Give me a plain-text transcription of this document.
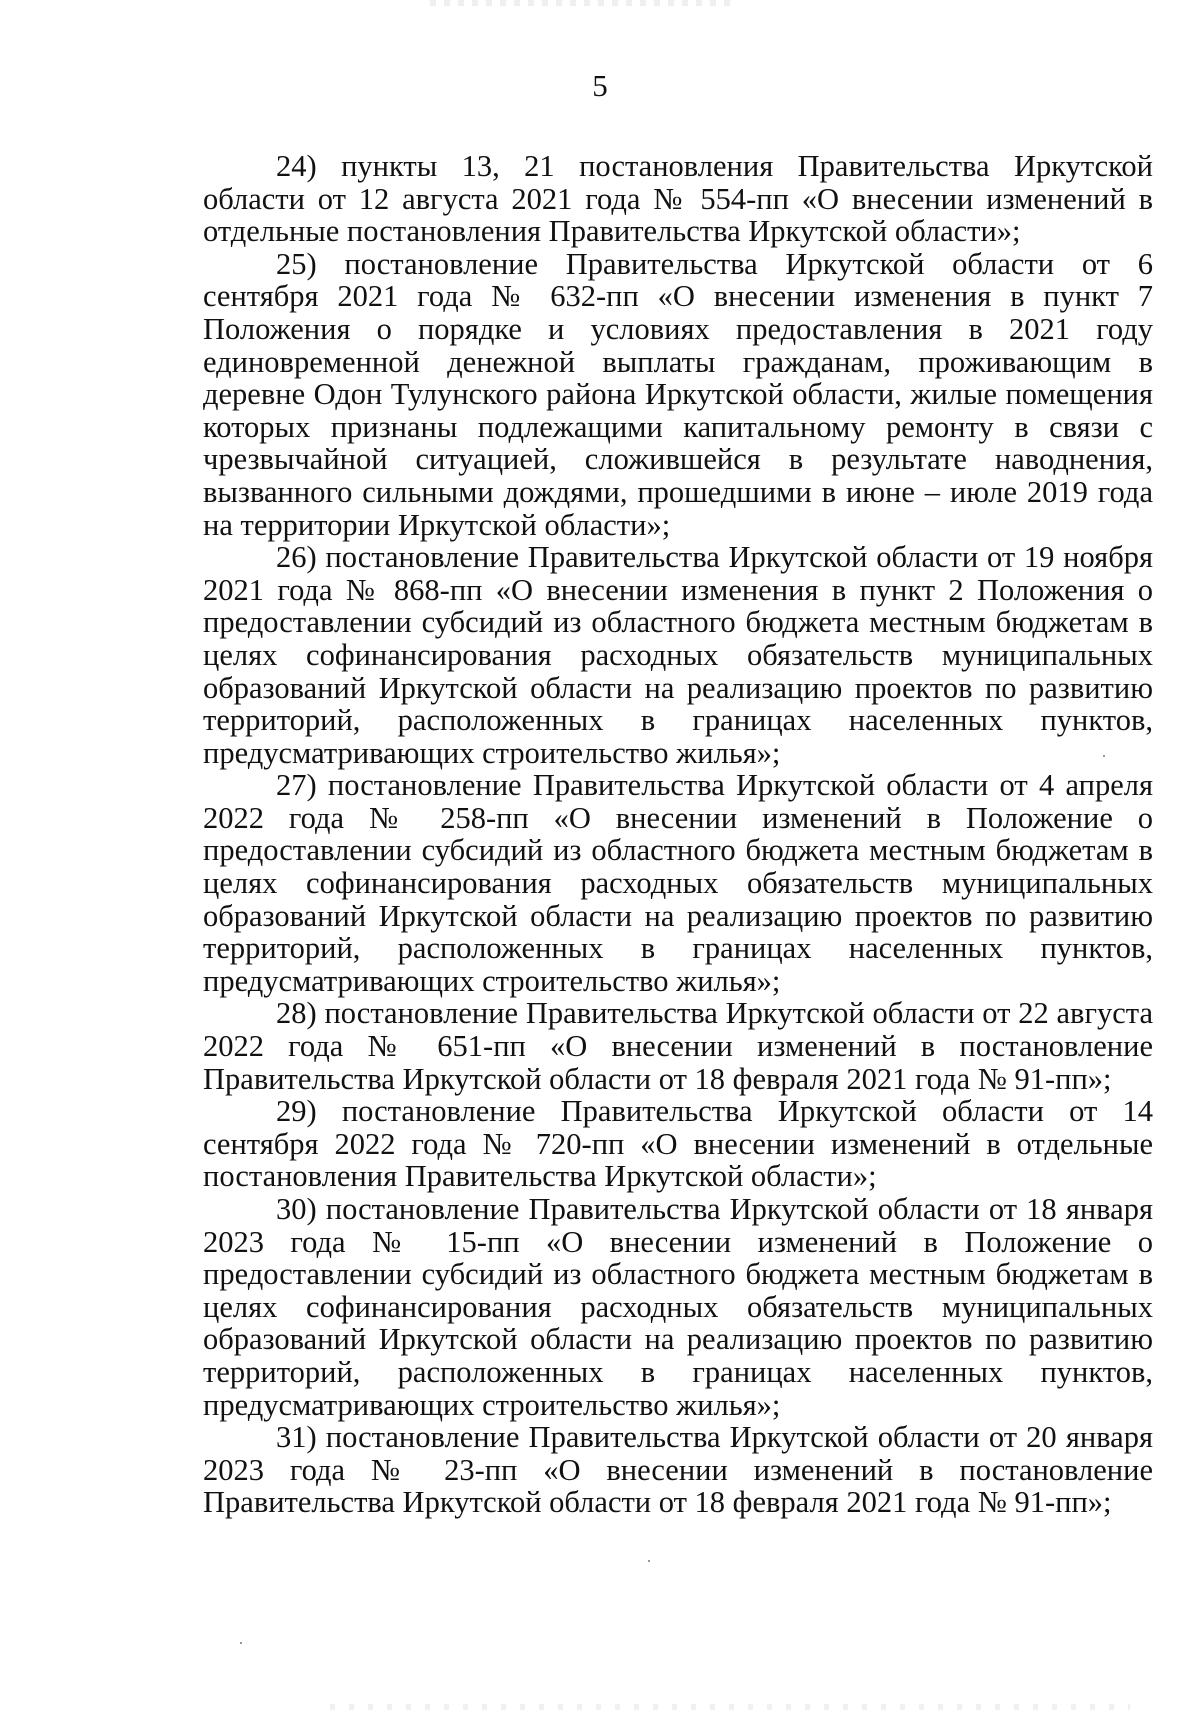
5

24) пункты 13, 21 постановления Правительства Иркутской области от 12 августа 2021 года № 554-пп «О внесении изменений в отдельные постановления Правительства Иркутской области»;

25) постановление Правительства Иркутской области от 6 сентября 2021 года № 632-пп «О внесении изменения в пункт 7 Положения о порядке и условиях предоставления в 2021 году единовременной денежной выплаты гражданам, проживающим в деревне Одон Тулунского района Иркутской области, жилые помещения которых признаны подлежащими капитальному ремонту в связи с чрезвычайной ситуацией, сложившейся в результате наводнения, вызванного сильными дождями, прошедшими в июне – июле 2019 года на территории Иркутской области»;

26) постановление Правительства Иркутской области от 19 ноября 2021 года № 868-пп «О внесении изменения в пункт 2 Положения о предоставлении субсидий из областного бюджета местным бюджетам в целях софинансирования расходных обязательств муниципальных образований Иркутской области на реализацию проектов по развитию территорий, расположенных в границах населенных пунктов, предусматривающих строительство жилья»;

27) постановление Правительства Иркутской области от 4 апреля 2022 года № 258-пп «О внесении изменений в Положение о предоставлении субсидий из областного бюджета местным бюджетам в целях софинансирования расходных обязательств муниципальных образований Иркутской области на реализацию проектов по развитию территорий, расположенных в границах населенных пунктов, предусматривающих строительство жилья»;

28) постановление Правительства Иркутской области от 22 августа 2022 года № 651-пп «О внесении изменений в постановление Правительства Иркутской области от 18 февраля 2021 года № 91-пп»;

29) постановление Правительства Иркутской области от 14 сентября 2022 года № 720-пп «О внесении изменений в отдельные постановления Правительства Иркутской области»;

30) постановление Правительства Иркутской области от 18 января 2023 года № 15-пп «О внесении изменений в Положение о предоставлении субсидий из областного бюджета местным бюджетам в целях софинансирования расходных обязательств муниципальных образований Иркутской области на реализацию проектов по развитию территорий, расположенных в границах населенных пунктов, предусматривающих строительство жилья»;

31) постановление Правительства Иркутской области от 20 января 2023 года № 23-пп «О внесении изменений в постановление Правительства Иркутской области от 18 февраля 2021 года № 91-пп»;
